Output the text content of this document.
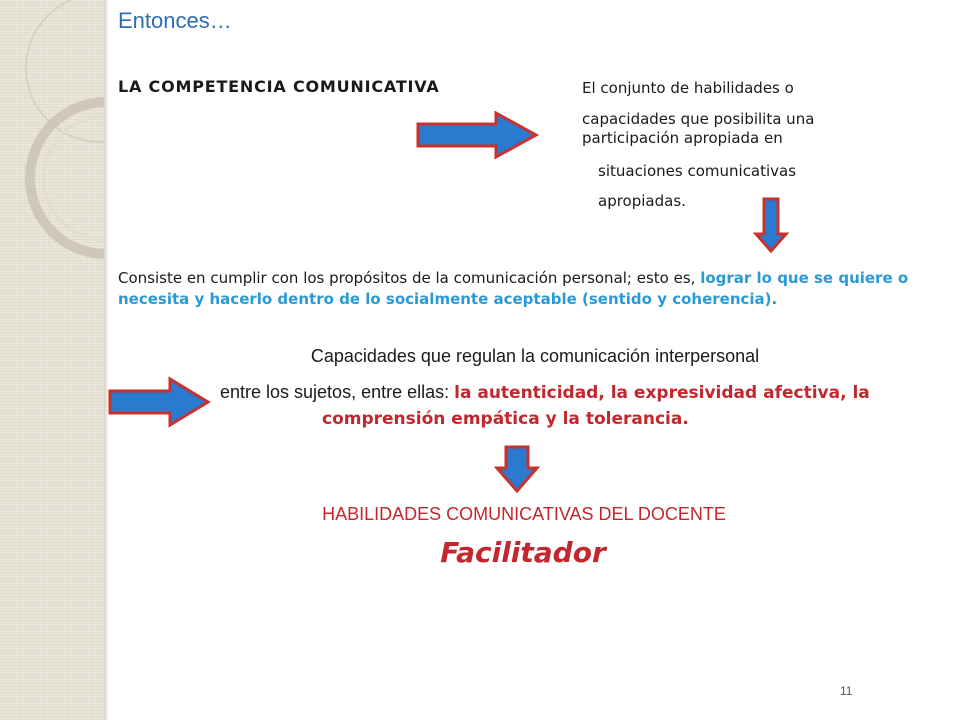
Entonces…

LA COMPETENCIA COMUNICATIVA	El conjunto de habilidades o

capacidades que posibilita una

participación apropiada en

situaciones comunicativas

apropiadas.

Consiste en cumplir con los propósitos de la comunicación personal; esto es, lograr lo que se quiere o necesita y hacerlo dentro de lo socialmente aceptable (sentido y coherencia).

Capacidades que regulan la comunicación interpersonal

entre los sujetos, entre ellas: la autenticidad, la expresividad afectiva, la

comprensión empática y la tolerancia.

HABILIDADES COMUNICATIVAS DEL DOCENTE

Facilitador

11
